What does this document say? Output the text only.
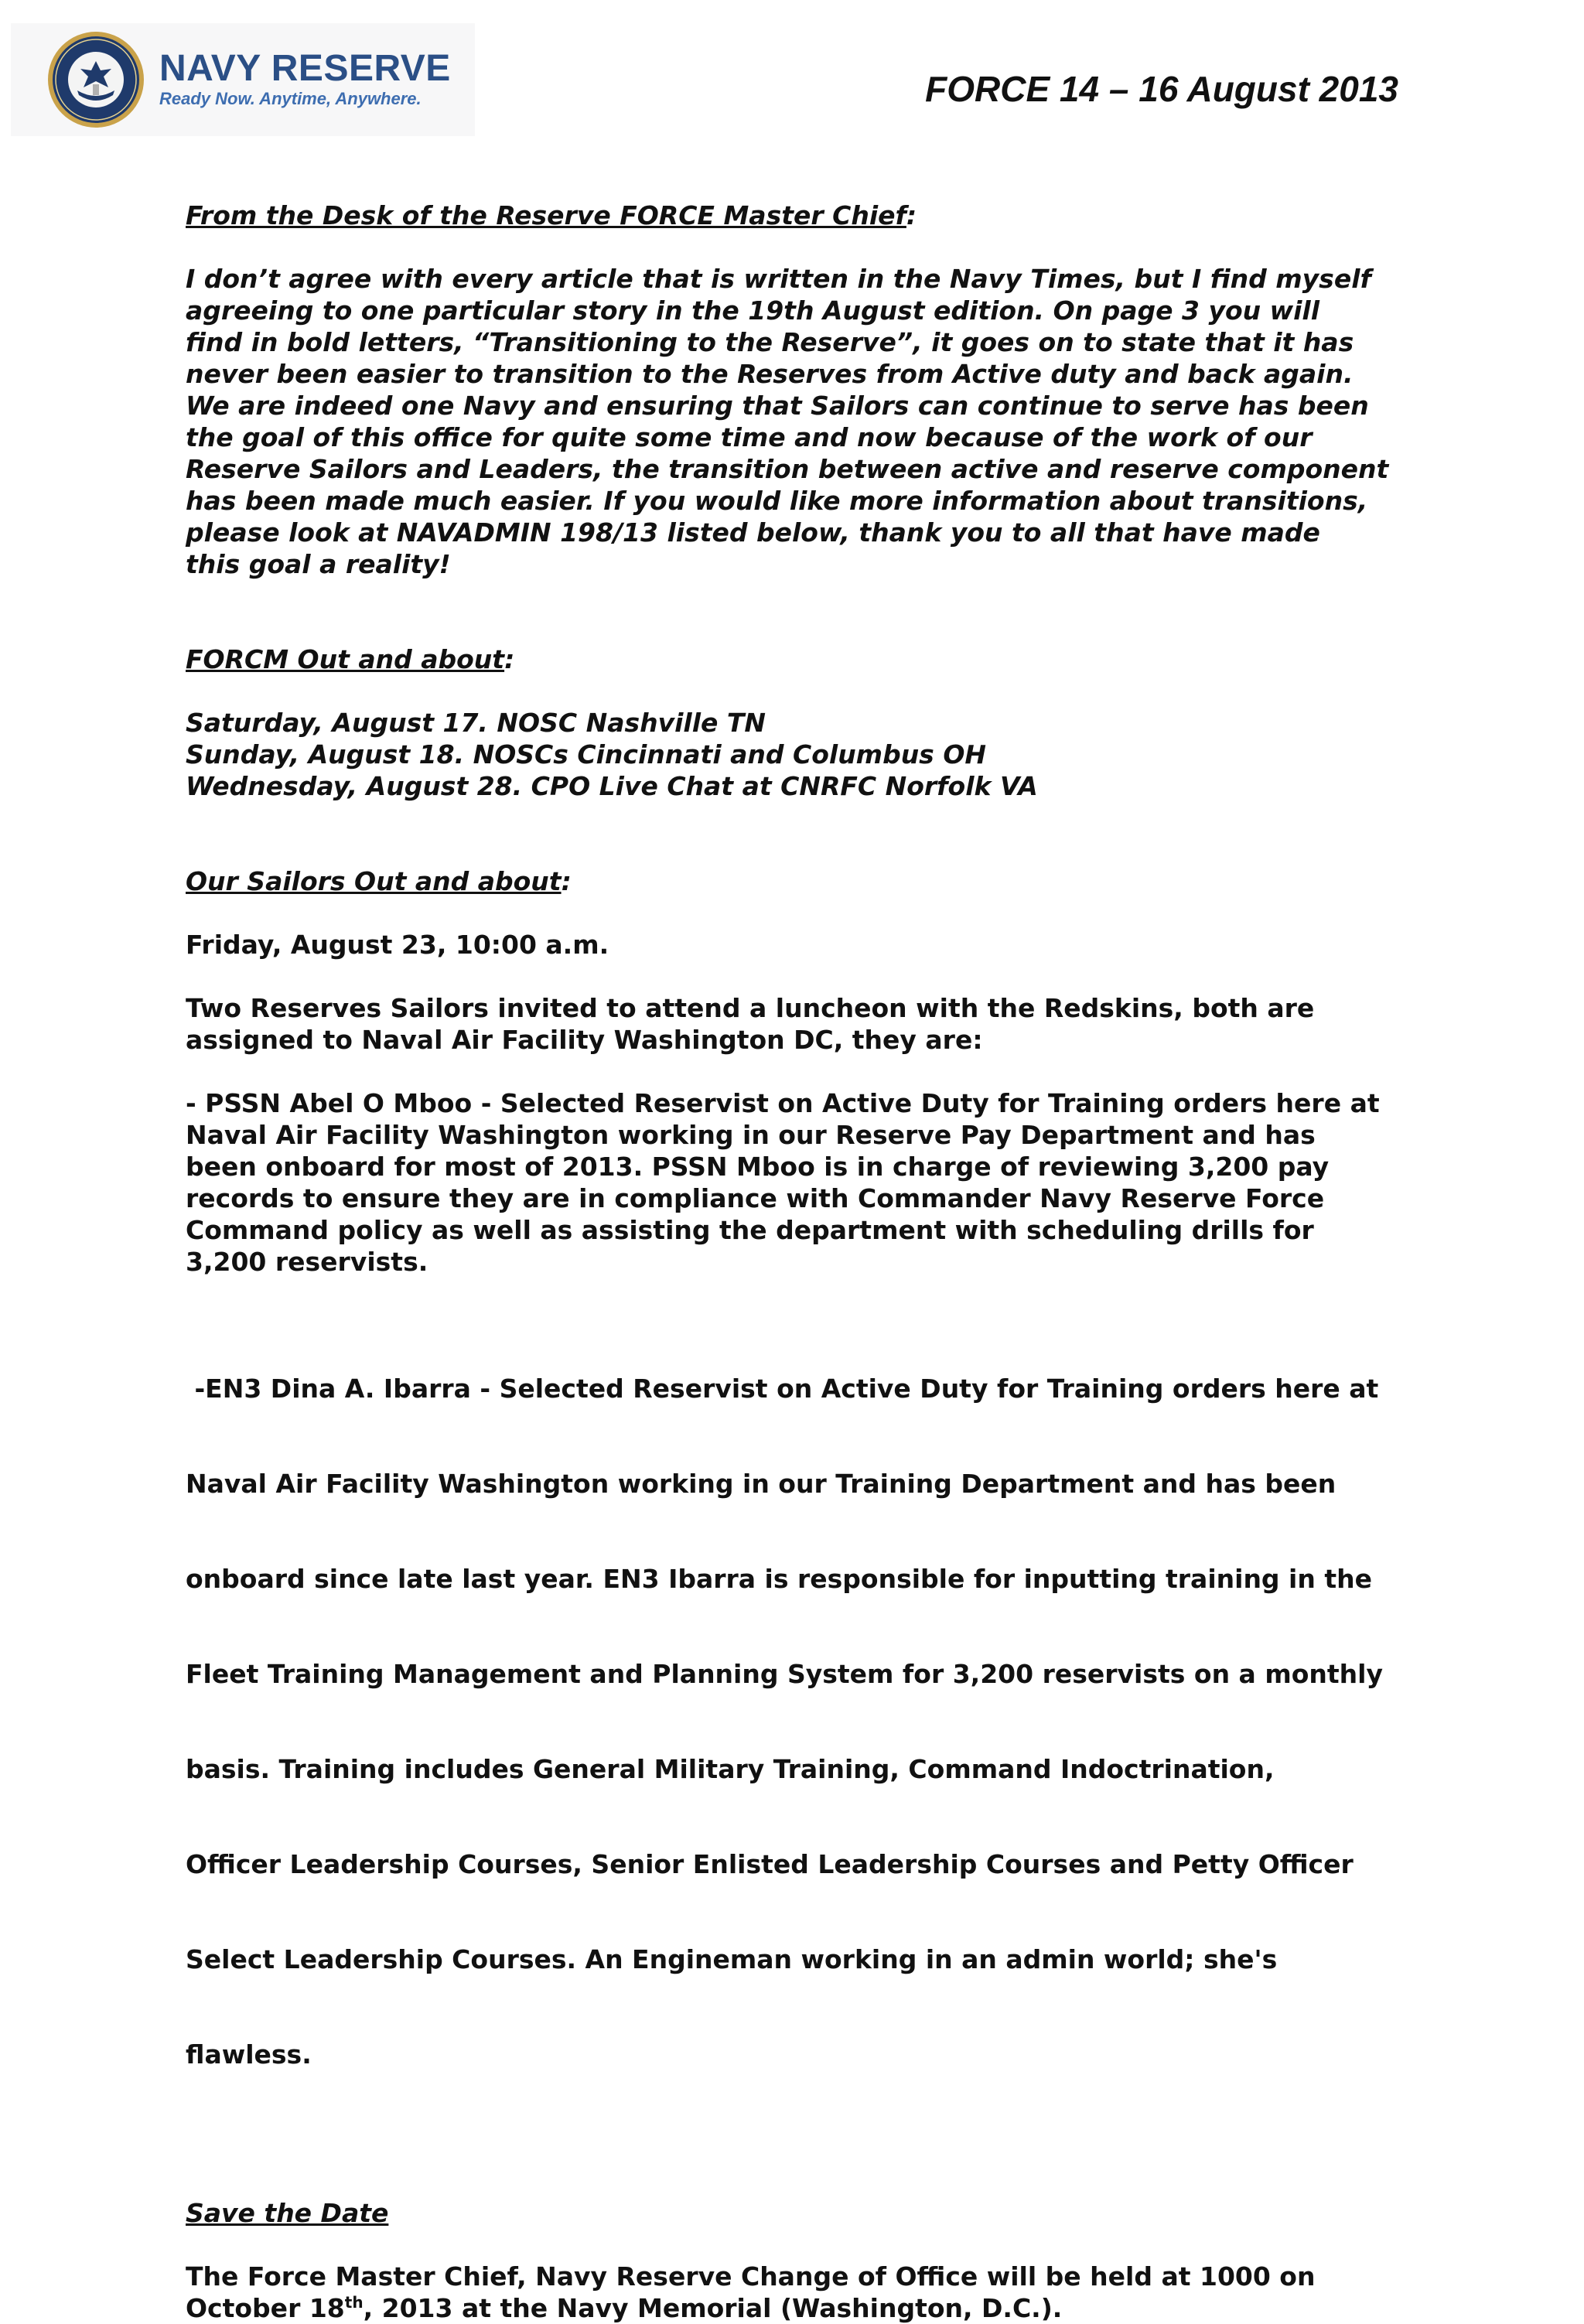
NAVY RESERVE
Ready Now. Anytime, Anywhere.	FORCE 14 – 16 August 2013

From the Desk of the Reserve FORCE Master Chief:

I don’t agree with every article that is written in the Navy Times, but I find myself
agreeing to one particular story in the 19th August edition. On page 3 you will
find in bold letters, “Transitioning to the Reserve”, it goes on to state that it has
never been easier to transition to the Reserves from Active duty and back again.
We are indeed one Navy and ensuring that Sailors can continue to serve has been
the goal of this office for quite some time and now because of the work of our
Reserve Sailors and Leaders, the transition between active and reserve component
has been made much easier. If you would like more information about transitions,
please look at NAVADMIN 198/13 listed below, thank you to all that have made
this goal a reality!

FORCM Out and about:

Saturday, August 17. NOSC Nashville TN
Sunday, August 18. NOSCs Cincinnati and Columbus OH
Wednesday, August 28. CPO Live Chat at CNRFC Norfolk VA

Our Sailors Out and about:

Friday, August 23, 10:00 a.m.

Two Reserves Sailors invited to attend a luncheon with the Redskins, both are
assigned to Naval Air Facility Washington DC, they are:

- PSSN Abel O Mboo - Selected Reservist on Active Duty for Training orders here at
Naval Air Facility Washington working in our Reserve Pay Department and has
been onboard for most of 2013. PSSN Mboo is in charge of reviewing 3,200 pay
records to ensure they are in compliance with Commander Navy Reserve Force
Command policy as well as assisting the department with scheduling drills for
3,200 reservists.

-EN3 Dina A. Ibarra - Selected Reservist on Active Duty for Training orders here at

Naval Air Facility Washington working in our Training Department and has been

onboard since late last year. EN3 Ibarra is responsible for inputting training in the

Fleet Training Management and Planning System for 3,200 reservists on a monthly

basis. Training includes General Military Training, Command Indoctrination,

Officer Leadership Courses, Senior Enlisted Leadership Courses and Petty Officer

Select Leadership Courses. An Engineman working in an admin world; she's

flawless.

Save the Date

The Force Master Chief, Navy Reserve Change of Office will be held at 1000 on
October 18th, 2013 at the Navy Memorial (Washington, D.C.).
